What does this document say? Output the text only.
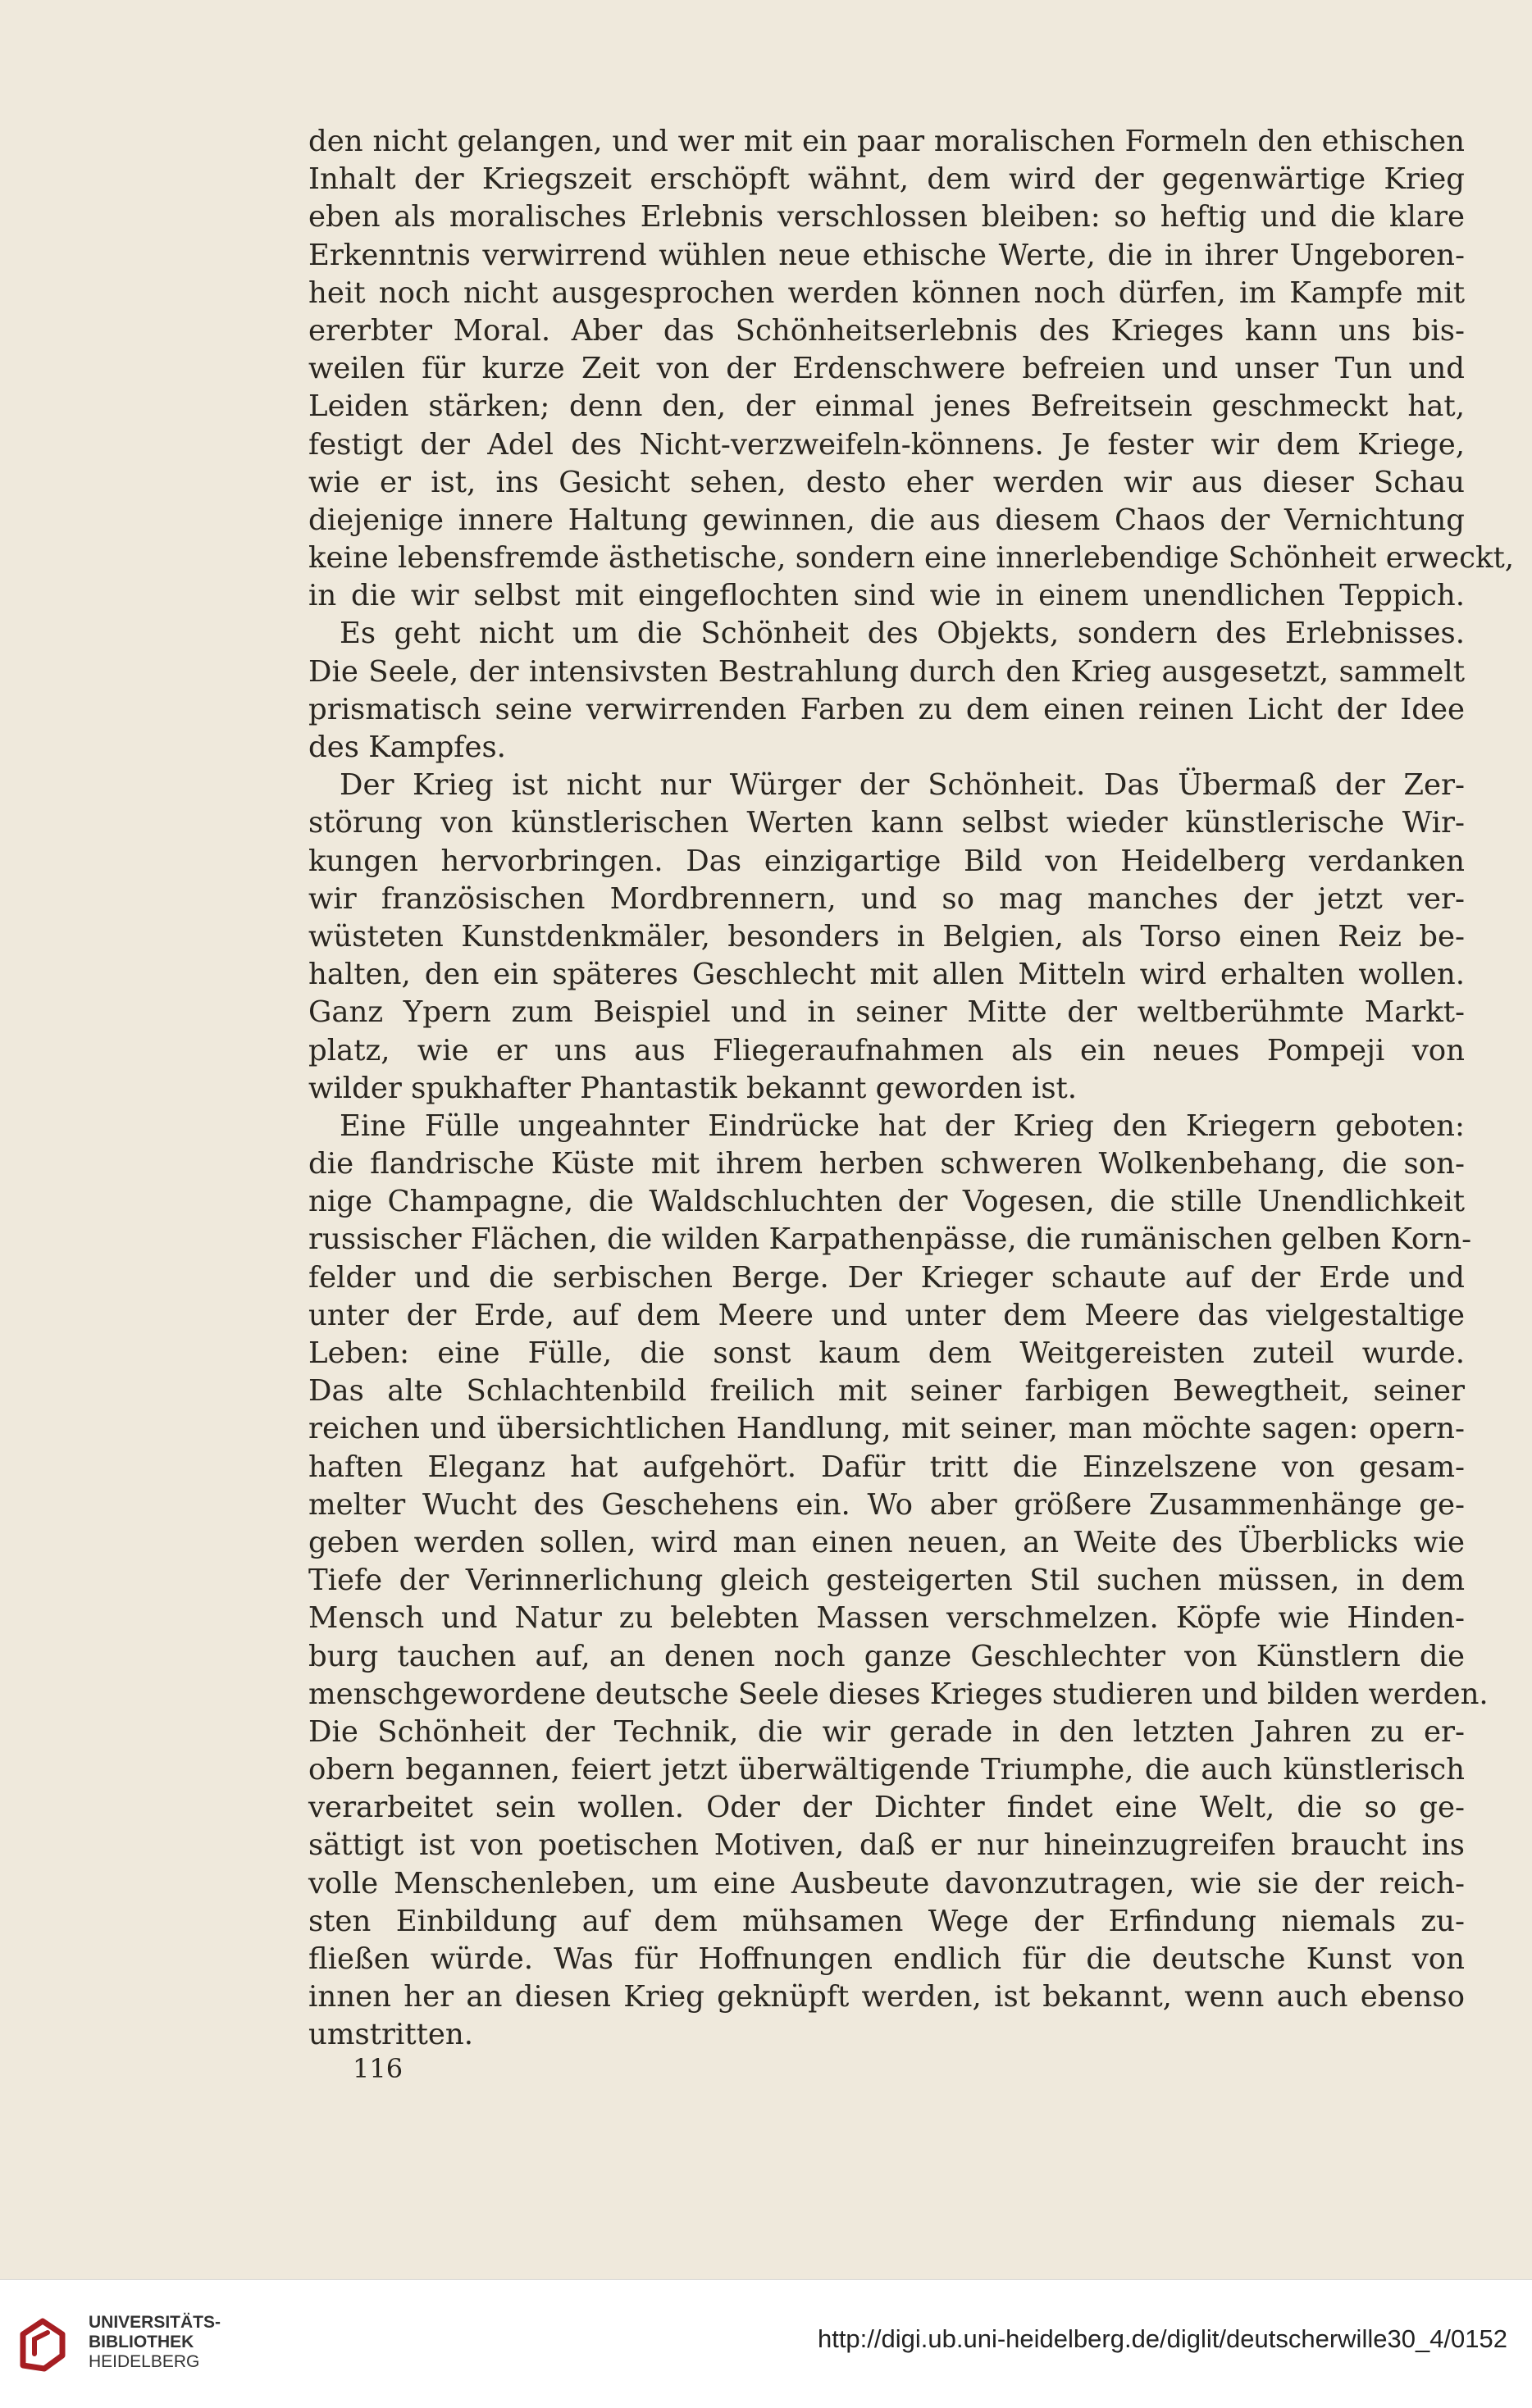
den nicht gelangen, und wer mit ein paar moralischen Formeln den ethischen
Inhalt der Kriegszeit erschöpft wähnt, dem wird der gegenwärtige Krieg
eben als moralisches Erlebnis verschlossen bleiben: so heftig und die klare
Erkenntnis verwirrend wühlen neue ethische Werte, die in ihrer Ungeboren-
heit noch nicht ausgesprochen werden können noch dürfen, im Kampfe mit
ererbter Moral. Aber das Schönheitserlebnis des Krieges kann uns bis-
weilen für kurze Zeit von der Erdenschwere befreien und unser Tun und
Leiden stärken; denn den, der einmal jenes Befreitsein geschmeckt hat,
festigt der Adel des Nicht-verzweifeln-könnens. Je fester wir dem Kriege,
wie er ist, ins Gesicht sehen, desto eher werden wir aus dieser Schau
diejenige innere Haltung gewinnen, die aus diesem Chaos der Vernichtung
keine lebensfremde ästhetische, sondern eine innerlebendige Schönheit erweckt,
in die wir selbst mit eingeflochten sind wie in einem unendlichen Teppich.
Es geht nicht um die Schönheit des Objekts, sondern des Erlebnisses.
Die Seele, der intensivsten Bestrahlung durch den Krieg ausgesetzt, sammelt
prismatisch seine verwirrenden Farben zu dem einen reinen Licht der Idee
des Kampfes.
Der Krieg ist nicht nur Würger der Schönheit. Das Übermaß der Zer-
störung von künstlerischen Werten kann selbst wieder künstlerische Wir-
kungen hervorbringen. Das einzigartige Bild von Heidelberg verdanken
wir französischen Mordbrennern, und so mag manches der jetzt ver-
wüsteten Kunstdenkmäler, besonders in Belgien, als Torso einen Reiz be-
halten, den ein späteres Geschlecht mit allen Mitteln wird erhalten wollen.
Ganz Ypern zum Beispiel und in seiner Mitte der weltberühmte Markt-
platz, wie er uns aus Fliegeraufnahmen als ein neues Pompeji von
wilder spukhafter Phantastik bekannt geworden ist.
Eine Fülle ungeahnter Eindrücke hat der Krieg den Kriegern geboten:
die flandrische Küste mit ihrem herben schweren Wolkenbehang, die son-
nige Champagne, die Waldschluchten der Vogesen, die stille Unendlichkeit
russischer Flächen, die wilden Karpathenpässe, die rumänischen gelben Korn-
felder und die serbischen Berge. Der Krieger schaute auf der Erde und
unter der Erde, auf dem Meere und unter dem Meere das vielgestaltige
Leben: eine Fülle, die sonst kaum dem Weitgereisten zuteil wurde.
Das alte Schlachtenbild freilich mit seiner farbigen Bewegtheit, seiner
reichen und übersichtlichen Handlung, mit seiner, man möchte sagen: opern-
haften Eleganz hat aufgehört. Dafür tritt die Einzelszene von gesam-
melter Wucht des Geschehens ein. Wo aber größere Zusammenhänge ge-
geben werden sollen, wird man einen neuen, an Weite des Überblicks wie
Tiefe der Verinnerlichung gleich gesteigerten Stil suchen müssen, in dem
Mensch und Natur zu belebten Massen verschmelzen. Köpfe wie Hinden-
burg tauchen auf, an denen noch ganze Geschlechter von Künstlern die
menschgewordene deutsche Seele dieses Krieges studieren und bilden werden.
Die Schönheit der Technik, die wir gerade in den letzten Jahren zu er-
obern begannen, feiert jetzt überwältigende Triumphe, die auch künstlerisch
verarbeitet sein wollen. Oder der Dichter findet eine Welt, die so ge-
sättigt ist von poetischen Motiven, daß er nur hineinzugreifen braucht ins
volle Menschenleben, um eine Ausbeute davonzutragen, wie sie der reich-
sten Einbildung auf dem mühsamen Wege der Erfindung niemals zu-
fließen würde. Was für Hoffnungen endlich für die deutsche Kunst von
innen her an diesen Krieg geknüpft werden, ist bekannt, wenn auch ebenso
umstritten.
116
UNIVERSITÄTS-
BIBLIOTHEK
HEIDELBERG
http://digi.ub.uni-heidelberg.de/diglit/deutscherwille30_4/0152
